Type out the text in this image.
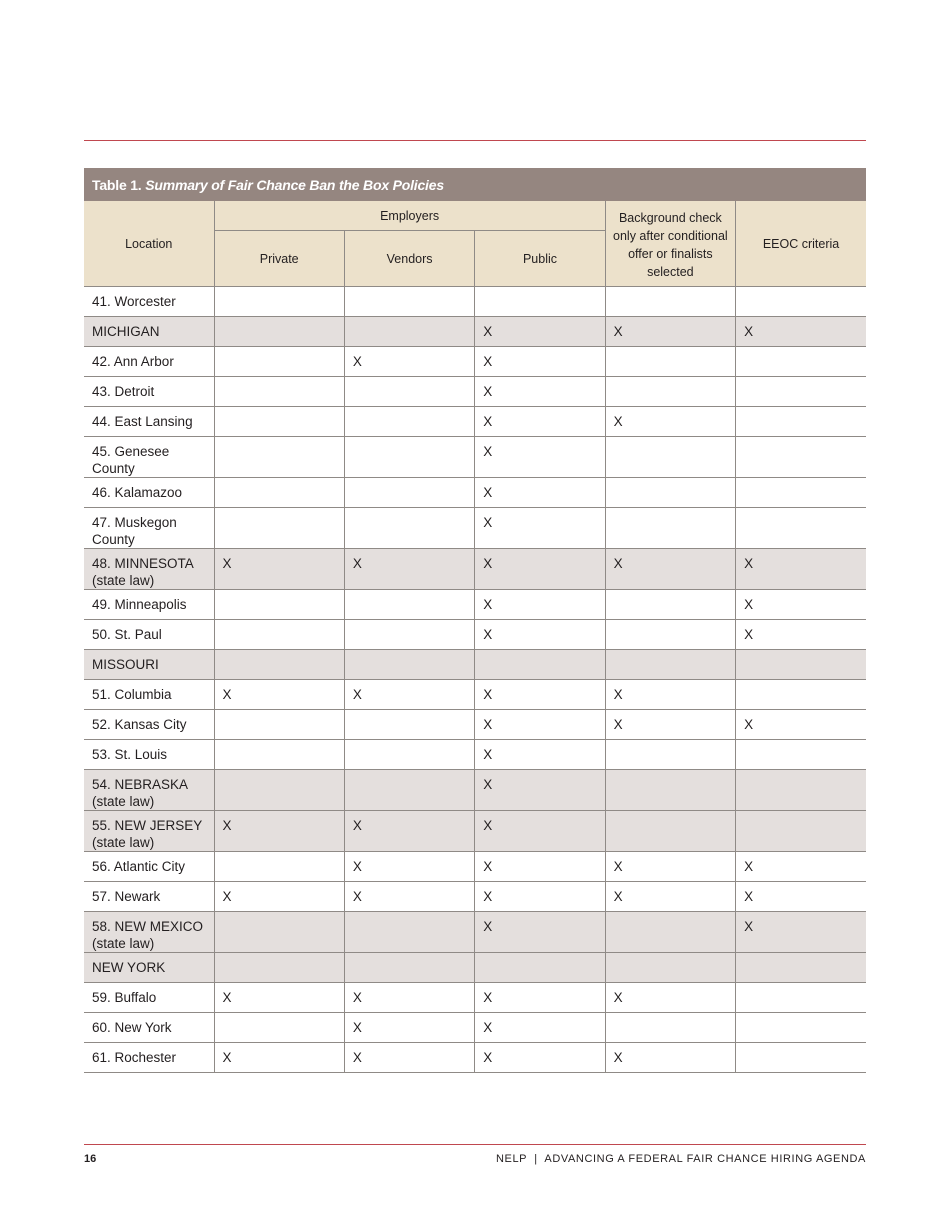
Table 1. Summary of Fair Chance Ban the Box Policies					
Location	Employers			Background check only after conditional offer or finalists selected	EEOC criteria
	Private	Vendors	Public		
41. Worcester					
MICHIGAN			X	X	X
42. Ann Arbor		X	X		
43. Detroit			X		
44. East Lansing			X	X	
45. Genesee County			X		
46. Kalamazoo			X		
47. Muskegon County			X		
48. MINNESOTA (state law)	X	X	X	X	X
49. Minneapolis			X		X
50. St. Paul			X		X
MISSOURI					
51. Columbia	X	X	X	X	
52. Kansas City			X	X	X
53. St. Louis			X		
54. NEBRASKA (state law)			X		
55. NEW JERSEY (state law)	X	X	X		
56. Atlantic City		X	X	X	X
57. Newark	X	X	X	X	X
58. NEW MEXICO (state law)			X		X
NEW YORK					
59. Buffalo	X	X	X	X	
60. New York		X	X		
61. Rochester	X	X	X	X	
16	NELP  |  ADVANCING A FEDERAL FAIR CHANCE HIRING AGENDA
